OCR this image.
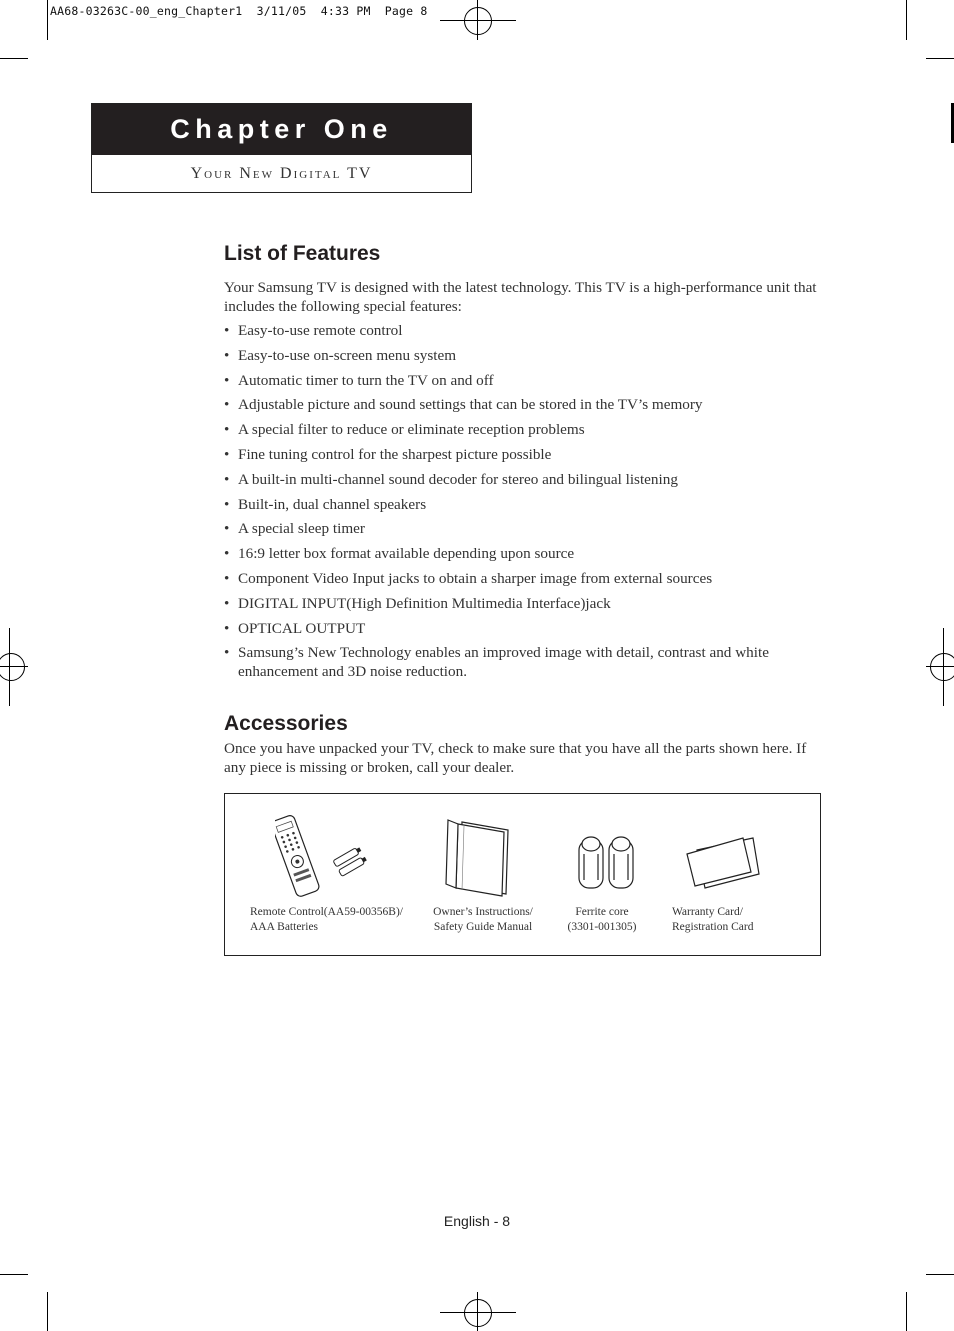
AA68-03263C-00_eng_Chapter1  3/11/05  4:33 PM  Page 8
Chapter One
Your New Digital TV
List of Features
Your Samsung TV is designed with the latest technology. This TV is a high-performance unit that includes the following special features:
• Easy-to-use remote control
• Easy-to-use on-screen menu system
• Automatic timer to turn the TV on and off
• Adjustable picture and sound settings that can be stored in the TV’s memory
• A special filter to reduce or eliminate reception problems
• Fine tuning control for the sharpest picture possible
• A built-in multi-channel sound decoder for stereo and bilingual listening
• Built-in, dual channel speakers
• A special sleep timer
• 16:9 letter box format available depending upon source
• Component Video Input jacks to obtain a sharper image from external sources
• DIGITAL INPUT(High Definition Multimedia Interface)jack
• OPTICAL OUTPUT
• Samsung’s New Technology enables an improved image with detail, contrast and white enhancement and 3D noise reduction.
Accessories
Once you have unpacked your TV, check to make sure that you have all the parts shown here. If any piece is missing or broken, call your dealer.
Remote Control(AA59-00356B)/
AAA Batteries
Owner’s Instructions/
Safety Guide Manual
Ferrite core
(3301-001305)
Warranty Card/
Registration Card
English - 8
